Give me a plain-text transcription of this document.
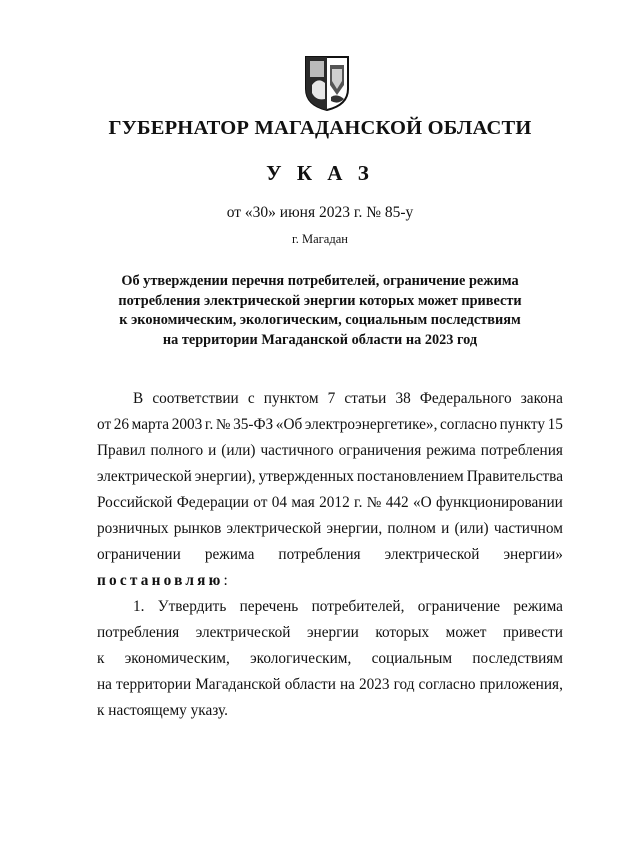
ГУБЕРНАТОР МАГАДАНСКОЙ ОБЛАСТИ
У К А З
от «30» июня 2023 г. № 85-у
г. Магадан
Об утверждении перечня потребителей, ограничение режима
потребления электрической энергии которых может привести
к экономическим, экологическим, социальным последствиям
на территории Магаданской области на 2023 год
В соответствии с пунктом 7 статьи 38 Федерального закона
от 26 марта 2003 г. № 35-ФЗ «Об электроэнергетике», согласно пункту 15
Правил полного и (или) частичного ограничения режима потребления
электрической энергии), утвержденных постановлением Правительства
Российской Федерации от 04 мая 2012 г. № 442 «О функционировании
розничных рынков электрической энергии, полном и (или) частичном
ограничении режима потребления электрической энергии»
постановляю:
1. Утвердить перечень потребителей, ограничение режима
потребления электрической энергии которых может привести
к экономическим, экологическим, социальным последствиям
на территории Магаданской области на 2023 год согласно приложения,
к настоящему указу.
